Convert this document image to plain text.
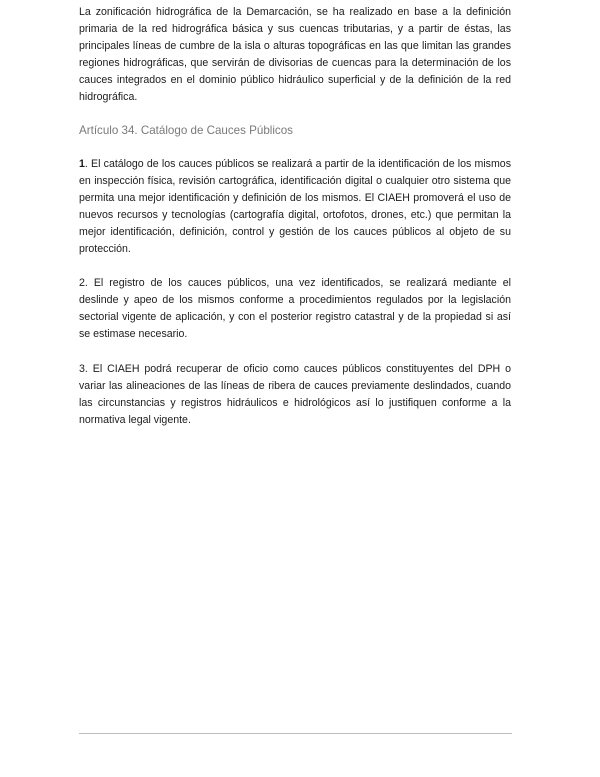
La zonificación hidrográfica de la Demarcación, se ha realizado en base a la definición primaria de la red hidrográfica básica y sus cuencas tributarias, y a partir de éstas, las principales líneas de cumbre de la isla o alturas topográficas en las que limitan las grandes regiones hidrográficas, que servirán de divisorias de cuencas para la determinación de los cauces integrados en el dominio público hidráulico superficial y de la definición de la red hidrográfica.

Artículo 34. Catálogo de Cauces Públicos

1. El catálogo de los cauces públicos se realizará a partir de la identificación de los mismos en inspección física, revisión cartográfica, identificación digital o cualquier otro sistema que permita una mejor identificación y definición de los mismos. El CIAEH promoverá el uso de nuevos recursos y tecnologías (cartografía digital, ortofotos, drones, etc.) que permitan la mejor identificación, definición, control y gestión de los cauces públicos al objeto de su protección.

2. El registro de los cauces públicos, una vez identificados, se realizará mediante el deslinde y apeo de los mismos conforme a procedimientos regulados por la legislación sectorial vigente de aplicación, y con el posterior registro catastral y de la propiedad si así se estimase necesario.

3. El CIAEH podrá recuperar de oficio como cauces públicos constituyentes del DPH o variar las alineaciones de las líneas de ribera de cauces previamente deslindados, cuando las circunstancias y registros hidráulicos e hidrológicos así lo justifiquen conforme a la normativa legal vigente.
